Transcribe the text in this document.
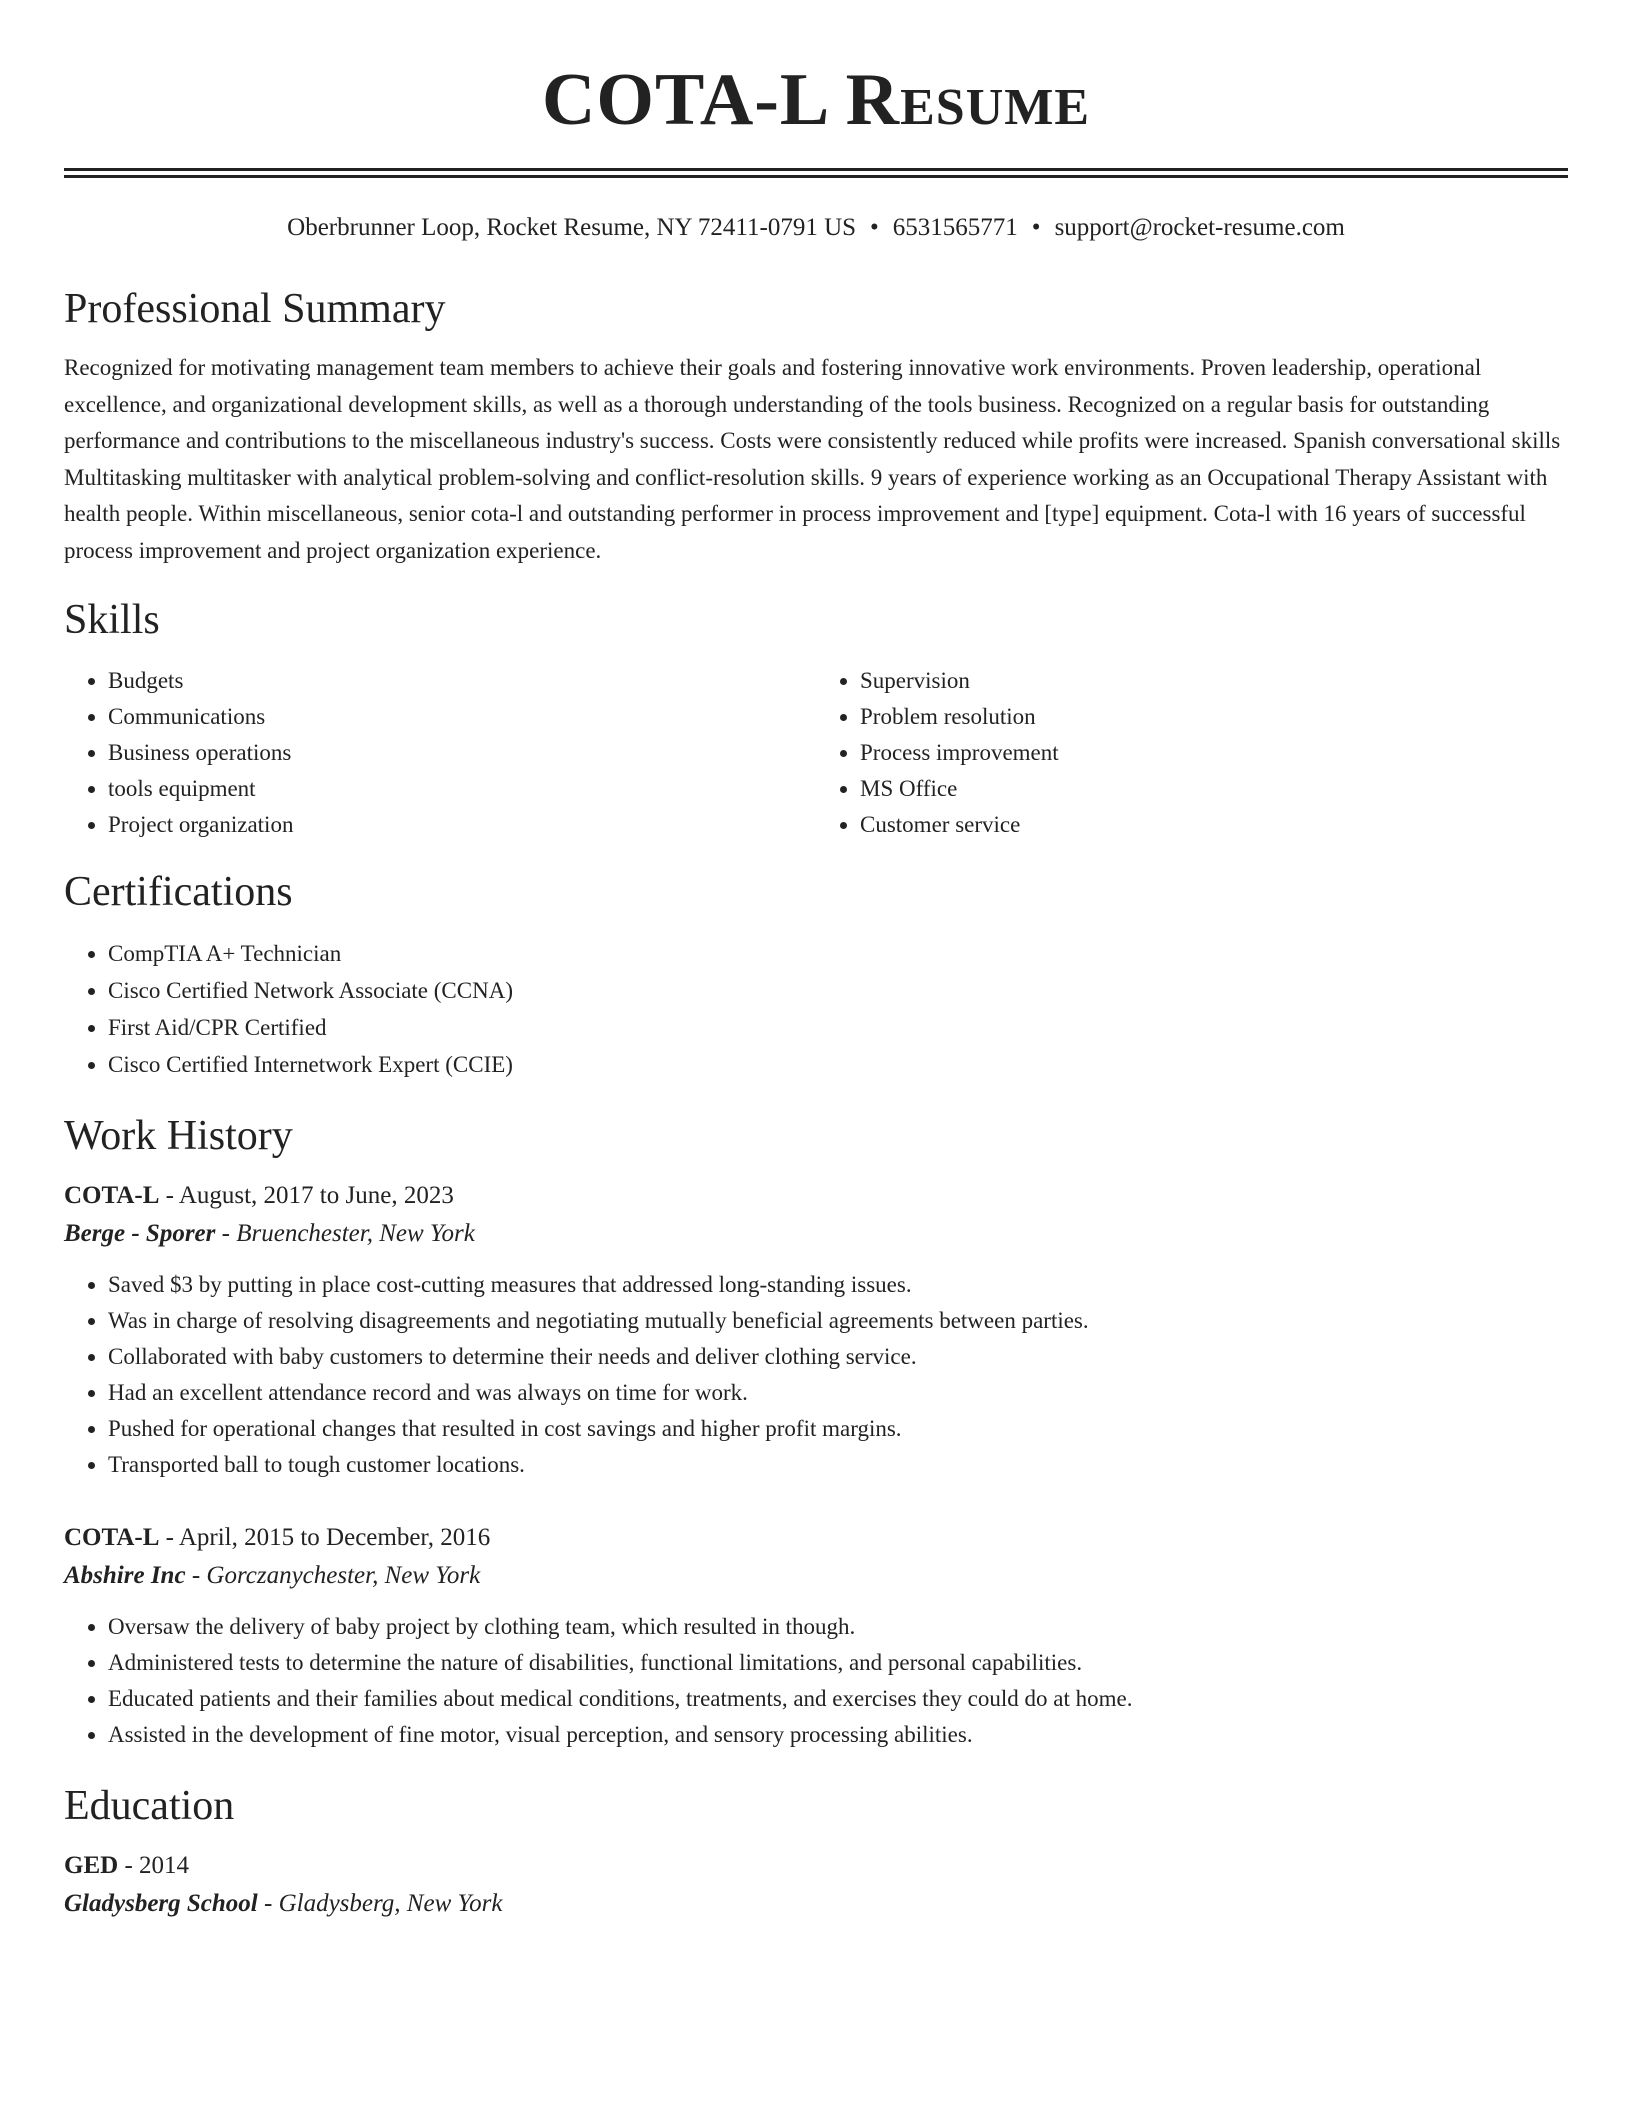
COTA-L Resume
Oberbrunner Loop, Rocket Resume, NY 72411-0791 US • 6531565771 • support@rocket-resume.com
Professional Summary

Recognized for motivating management team members to achieve their goals and fostering innovative work environments. Proven leadership, operational excellence, and organizational development skills, as well as a thorough understanding of the tools business. Recognized on a regular basis for outstanding performance and contributions to the miscellaneous industry's success. Costs were consistently reduced while profits were increased. Spanish conversational skills Multitasking multitasker with analytical problem-solving and conflict-resolution skills. 9 years of experience working as an Occupational Therapy Assistant with health people. Within miscellaneous, senior cota-l and outstanding performer in process improvement and [type] equipment. Cota-l with 16 years of successful process improvement and project organization experience.

Skills
• Budgets
• Communications
• Business operations
• tools equipment
• Project organization
• Supervision
• Problem resolution
• Process improvement
• MS Office
• Customer service
Certifications
• CompTIA A+ Technician
• Cisco Certified Network Associate (CCNA)
• First Aid/CPR Certified
• Cisco Certified Internetwork Expert (CCIE)
Work History
COTA-L - August, 2017 to June, 2023
Berge - Sporer - Bruenchester, New York
• Saved $3 by putting in place cost-cutting measures that addressed long-standing issues.
• Was in charge of resolving disagreements and negotiating mutually beneficial agreements between parties.
• Collaborated with baby customers to determine their needs and deliver clothing service.
• Had an excellent attendance record and was always on time for work.
• Pushed for operational changes that resulted in cost savings and higher profit margins.
• Transported ball to tough customer locations.
COTA-L - April, 2015 to December, 2016
Abshire Inc - Gorczanychester, New York
• Oversaw the delivery of baby project by clothing team, which resulted in though.
• Administered tests to determine the nature of disabilities, functional limitations, and personal capabilities.
• Educated patients and their families about medical conditions, treatments, and exercises they could do at home.
• Assisted in the development of fine motor, visual perception, and sensory processing abilities.
Education
GED - 2014
Gladysberg School - Gladysberg, New York
